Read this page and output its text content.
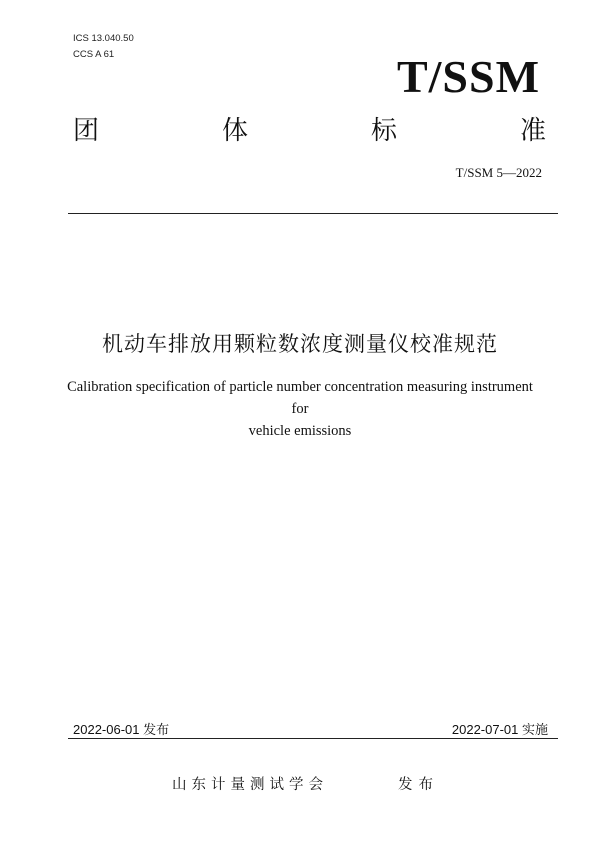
ICS 13.040.50
CCS A 61	T/SSM
团	体	标	准
T/SSM 5—2022
机动车排放用颗粒数浓度测量仪校准规范
Calibration specification of particle number concentration measuring instrument for
vehicle emissions
2022-06-01 发布	2022-07-01 实施
山东计量测试学会	发布
